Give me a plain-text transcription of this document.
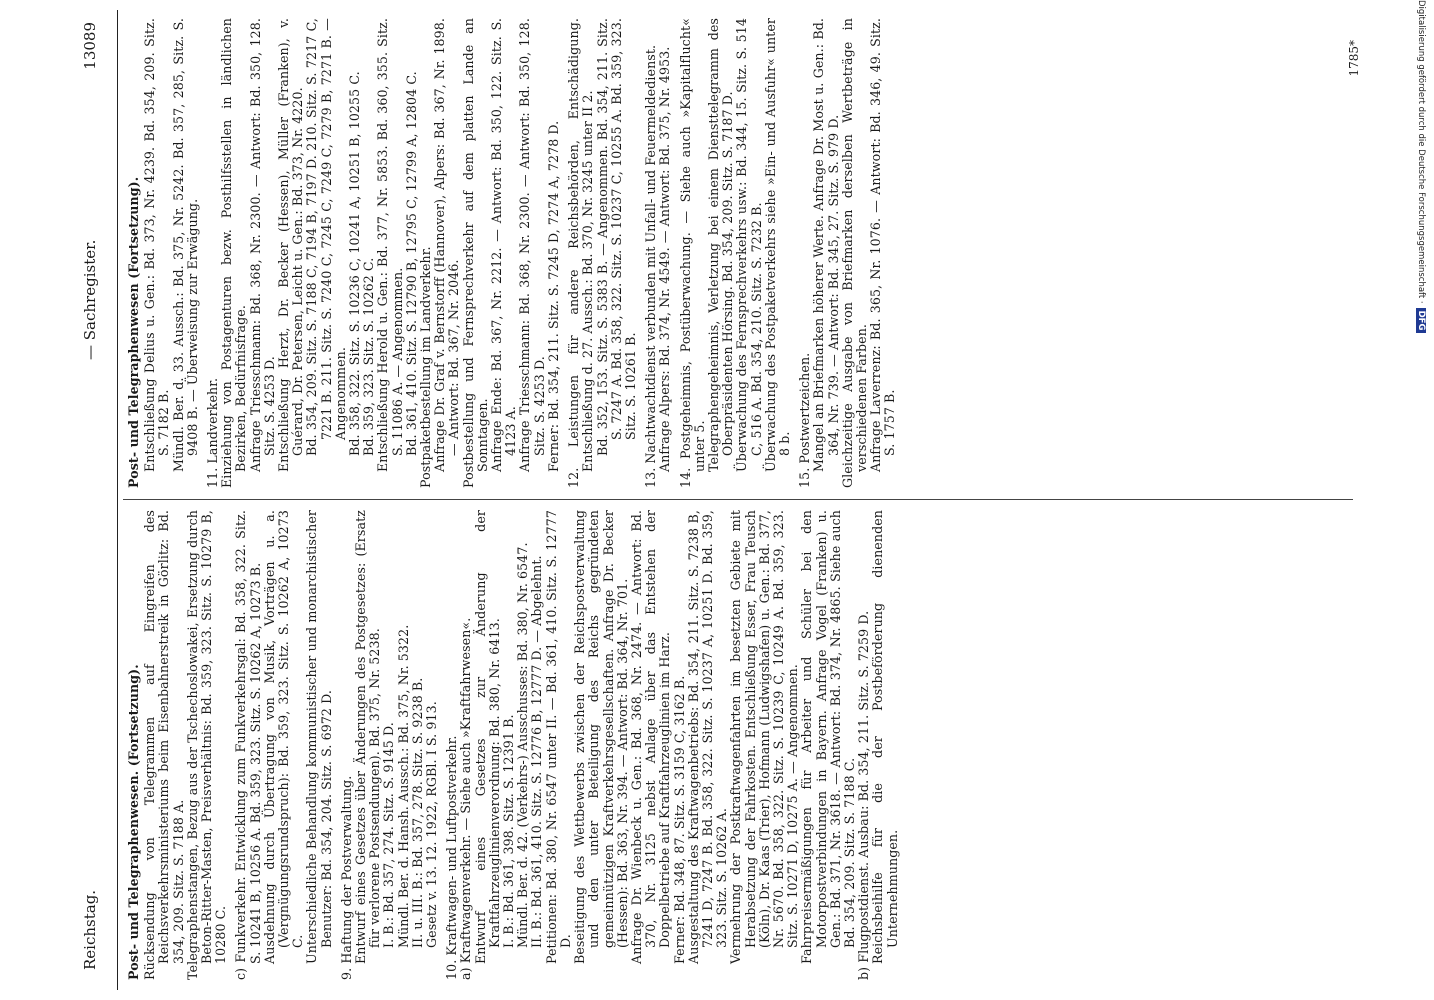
Reichstag.
— Sachregister.
13089

Post- und Telegraphenwesen. (Fortsetzung). Rücksendung von Telegrammen auf Eingreifen des Reichsverkehrsministeriums beim Eisenbahnerstreik in Görlitz: Bd. 354, 209. Sitz. S. 7188 A. Telegraphenstangen, Bezug aus der Tschechoslowakei, Ersetzung durch Beton-Ritter-Masten, Preisverhältnis: Bd. 359, 323. Sitz. S. 10279 B, 10280 C. c) Funkverkehr. Entwicklung zum Funkverkehrsgal: Bd. 358, 322. Sitz. S. 10241 B, 10256 A. Bd. 359, 323. Sitz. S. 10262 A, 10273 B. Ausdehnung durch Übertragung von Musik, Vorträgen u. a. (Vergnügungsrundspruch): Bd. 359, 323. Sitz. S. 10262 A, 10273 C. Unterschiedliche Behandlung kommunistischer und monarchistischer Benutzer: Bd. 354, 204. Sitz. S. 6972 D. 9. Haftung der Postverwaltung. Entwurf eines Gesetzes über Änderungen des Postgesetzes: (Ersatz für verlorene Postsendungen). Bd. 375, Nr. 5238. I. B.: Bd. 357, 274. Sitz. S. 9145 D. Mündl. Ber. d. Hansh. Aussch.: Bd. 375, Nr. 5322. II. u. III. B.: Bd. 357, 278. Sitz. S. 9238 B. Gesetz v. 13. 12. 1922, RGBl. I S. 913. 10. Kraftwagen- und Luftpostverkehr. a) Kraftwagenverkehr. — Siehe auch »Kraftfahrwesen«. Entwurf eines Gesetzes zur Änderung der Kraftfahrzeuglinienverordnung: Bd. 380, Nr. 6413. I. B.: Bd. 361, 398. Sitz. S. 12391 B. Mündl. Ber. d. 42. (Verkehrs-) Ausschusses: Bd. 380, Nr. 6547. II. B.: Bd. 361, 410. Sitz. S. 12776 B, 12777 D. — Abgelehnt. Petitionen: Bd. 380, Nr. 6547 unter II. — Bd. 361, 410. Sitz. S. 12777 D. Beseitigung des Wettbewerbs zwischen der Reichspostverwaltung und den unter Beteiligung des Reichs gegründeten gemeinnützigen Kraftverkehrsgesellschaften. Anfrage Dr. Becker (Hessen): Bd. 363, Nr. 394. — Antwort: Bd. 364, Nr. 701. Anfrage Dr. Wienbeck u. Gen.: Bd. 368, Nr. 2474. — Antwort: Bd. 370, Nr. 3125 nebst Anlage über das Entstehen der Doppelbetriebe auf Kraftfahrzeuglinien im Harz. Ferner: Bd. 348, 87. Sitz. S. 3159 C, 3162 B. Ausgestaltung des Kraftwagenbetriebs: Bd. 354, 211. Sitz. S. 7238 B, 7241 D, 7247 B. Bd. 358, 322. Sitz. S. 10237 A, 10251 D. Bd. 359, 323. Sitz. S. 10262 A. Vermehrung der Postkraftwagenfahrten im besetzten Gebiete mit Herabsetzung der Fahrkosten. Entschließung Esser, Frau Teusch (Köln), Dr. Kaas (Trier), Hofmann (Ludwigshafen) u. Gen.: Bd. 377, Nr. 5670. Bd. 358, 322. Sitz. S. 10239 C, 10249 A. Bd. 359, 323. Sitz. S. 10271 D, 10275 A. — Angenommen. Fahrpreisermäßigungen für Arbeiter und Schüler bei den Motorpostverbindungen in Bayern. Anfrage Vogel (Franken) u. Gen.: Bd. 371, Nr. 3618. — Antwort: Bd. 374, Nr. 4865. Siehe auch Bd. 354, 209. Sitz. S. 7188 C. b) Flugpostdienst. Ausbau: Bd. 354, 211. Sitz. S. 7259 D. Reichsbeihilfe für die der Postbeförderung dienenden Unternehmungen.

Post- und Telegraphenwesen (Fortsetzung). Entschließung Delius u. Gen.: Bd. 373, Nr. 4239. Bd. 354, 209. Sitz. S. 7182 B. Mündl. Ber. d. 33. Aussch.: Bd. 375, Nr. 5242. Bd. 357, 285, Sitz. S. 9408 B. — Überweisung zur Erwägung. 11. Landverkehr. Einziehung von Postagenturen bezw. Posthilfsstellen in ländlichen Bezirken, Bedürfnisfrage. Anfrage Triesschmann: Bd. 368, Nr. 2300. — Antwort: Bd. 350, 128. Sitz. S. 4253 D. Entschließung Herzt, Dr. Becker (Hessen), Müller (Franken), v. Guérard, Dr. Petersen, Leicht u. Gen.: Bd. 373, Nr. 4220. Bd. 354, 209. Sitz. S. 7188 C, 7194 B, 7197 D. 210. Sitz. S. 7217 C, 7221 B. 211. Sitz. S. 7240 C, 7245 C, 7249 C, 7279 B, 7271 B. — Angenommen. Bd. 358, 322. Sitz. S. 10236 C, 10241 A, 10251 B, 10255 C. Bd. 359, 323. Sitz. S. 10262 C. Entschließung Herold u. Gen.: Bd. 377, Nr. 5853. Bd. 360, 355. Sitz. S. 11086 A. — Angenommen. Bd. 361, 410. Sitz. S. 12790 B, 12795 C, 12799 A, 12804 C. Postpaketbestellung im Landverkehr. Anfrage Dr. Graf v. Bernstorff (Hannover), Alpers: Bd. 367, Nr. 1898. — Antwort: Bd. 367, Nr. 2046. Postbestellung und Fernsprechverkehr auf dem platten Lande an Sonntagen. Anfrage Ende: Bd. 367, Nr. 2212. — Antwort: Bd. 350, 122. Sitz. S. 4123 A. Anfrage Triesschmann: Bd. 368, Nr. 2300. — Antwort: Bd. 350, 128. Sitz. S. 4253 D. Ferner: Bd. 354, 211. Sitz. S. 7245 D, 7274 A, 7278 D. 12. Leistungen für andere Reichsbehörden, Entschädigung. Entschließung d. 27. Aussch.: Bd. 370, Nr. 3245 unter II 2. Bd. 352, 153. Sitz. S. 5383 B. — Angenommen. Bd. 354, 211. Sitz. S. 7247 A. Bd. 358, 322. Sitz. S. 10237 C, 10255 A. Bd. 359, 323. Sitz. S. 10261 B. 13. Nachtwachtdienst verbunden mit Unfall- und Feuermeldedienst. Anfrage Alpers: Bd. 374, Nr. 4549. — Antwort: Bd. 375, Nr. 4953. 14. Postgeheimnis, Postüberwachung. — Siehe auch »Kapitalflucht« unter 5. Telegraphengeheimnis, Verletzung bei einem Diensttelegramm des Oberpräsidenten Hörsing. Bd. 354, 209. Sitz. S. 7187 D. Überwachung des Fernsprechverkehrs usw.: Bd. 344, 15. Sitz. S. 514 C, 516 A. Bd. 354, 210. Sitz. S. 7232 B. Überwachung des Postpaketverkehrs siehe »Ein- und Ausfuhr« unter 8 b. 15. Postwertzeichen. Mangel an Briefmarken höherer Werte. Anfrage Dr. Most u. Gen.: Bd. 364, Nr. 739. — Antwort: Bd. 345, 27. Sitz. S. 979 D. Gleichzeitige Ausgabe von Briefmarken derselben Wertbeträge in verschiedenen Farben. Anfrage Laverrenz: Bd. 365, Nr. 1076. — Antwort: Bd. 346, 49. Sitz. S. 1757 B.

1785*	Digitalisierung gefördert durch die Deutsche Forschungsgemeinschaft ·DFG
